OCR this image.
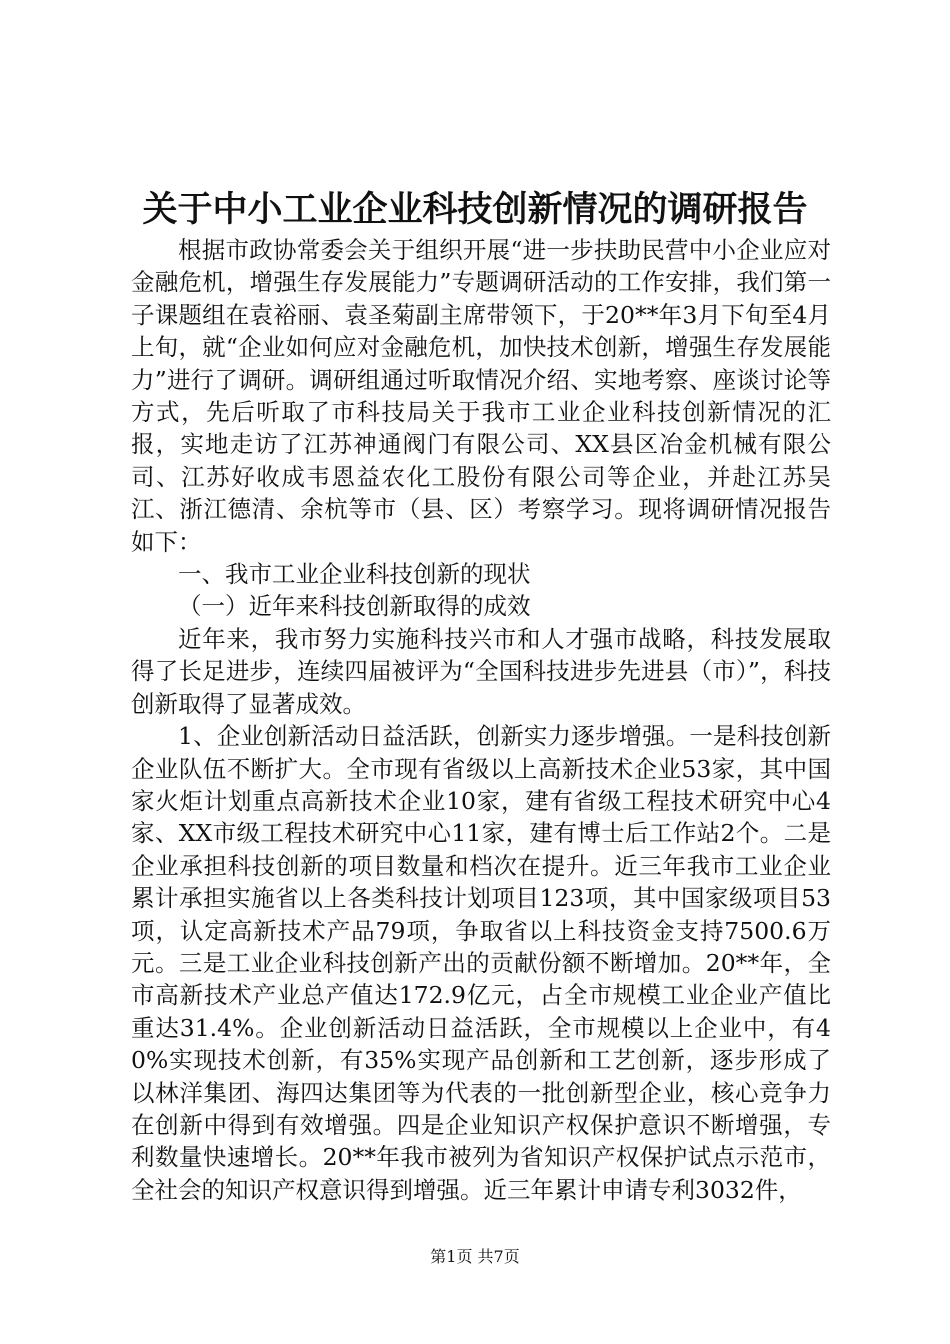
关于中小工业企业科技创新情况的调研报告

根据市政协常委会关于组织开展“进一步扶助民营中小企业应对金融危机，增强生存发展能力”专题调研活动的工作安排，我们第一子课题组在袁裕丽、袁圣菊副主席带领下，于20**年3月下旬至4月上旬，就“企业如何应对金融危机，加快技术创新，增强生存发展能力”进行了调研。调研组通过听取情况介绍、实地考察、座谈讨论等方式，先后听取了市科技局关于我市工业企业科技创新情况的汇报，实地走访了江苏神通阀门有限公司、XX县区冶金机械有限公司、江苏好收成韦恩益农化工股份有限公司等企业，并赴江苏吴江、浙江德清、余杭等市（县、区）考察学习。现将调研情况报告如下：

一、我市工业企业科技创新的现状

（一）近年来科技创新取得的成效

近年来，我市努力实施科技兴市和人才强市战略，科技发展取得了长足进步，连续四届被评为“全国科技进步先进县（市）”，科技创新取得了显著成效。

1、企业创新活动日益活跃，创新实力逐步增强。一是科技创新企业队伍不断扩大。全市现有省级以上高新技术企业53家，其中国家火炬计划重点高新技术企业10家，建有省级工程技术研究中心4家、XX市级工程技术研究中心11家，建有博士后工作站2个。二是企业承担科技创新的项目数量和档次在提升。近三年我市工业企业累计承担实施省以上各类科技计划项目123项，其中国家级项目53项，认定高新技术产品79项，争取省以上科技资金支持7500.6万元。三是工业企业科技创新产出的贡献份额不断增加。20**年，全市高新技术产业总产值达172.9亿元，占全市规模工业企业产值比重达31.4%。企业创新活动日益活跃，全市规模以上企业中，有40%实现技术创新，有35%实现产品创新和工艺创新，逐步形成了以林洋集团、海四达集团等为代表的一批创新型企业，核心竞争力在创新中得到有效增强。四是企业知识产权保护意识不断增强，专利数量快速增长。20**年我市被列为省知识产权保护试点示范市，全社会的知识产权意识得到增强。近三年累计申请专利3032件，

第1页 共7页
